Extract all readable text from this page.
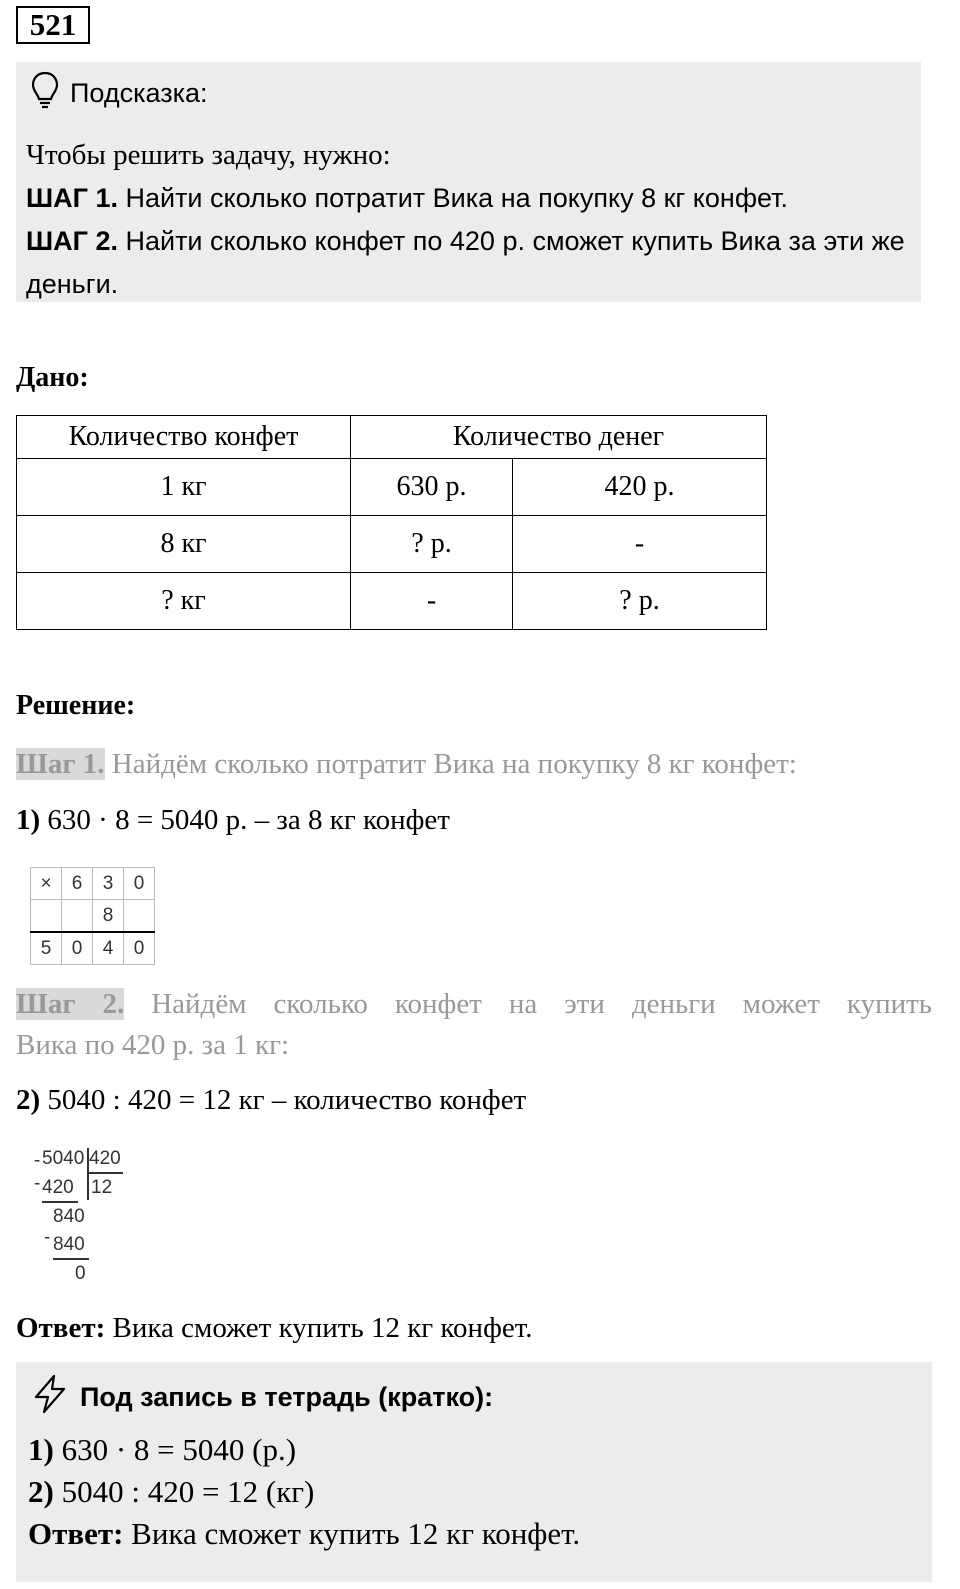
521
Подсказка:
Чтобы решить задачу, нужно:
ШАГ 1. Найти сколько потратит Вика на покупку 8 кг конфет.
ШАГ 2. Найти сколько конфет по 420 р. сможет купить Вика за эти же деньги.
Дано:
Количество конфет	Количество денег	
1 кг	630 р.	420 р.
8 кг	? р.	-
? кг	-	? р.
Решение:
Шаг 1. Найдём сколько потратит Вика на покупку 8 кг конфет:
1) 630 · 8 = 5040 р. – за 8 кг конфет
×	6	3	0
		8	
5	0	4	0
Шаг 2. Найдём сколько конфет на эти деньги может купить
Вика по 420 р. за 1 кг:
2) 5040 : 420 = 12 кг – количество конфет
- 5040 420
- 420 12
840
- 840
0
Ответ: Вика сможет купить 12 кг конфет.
Под запись в тетрадь (кратко):
1) 630 · 8 = 5040 (р.)
2) 5040 : 420 = 12 (кг)
Ответ: Вика сможет купить 12 кг конфет.
